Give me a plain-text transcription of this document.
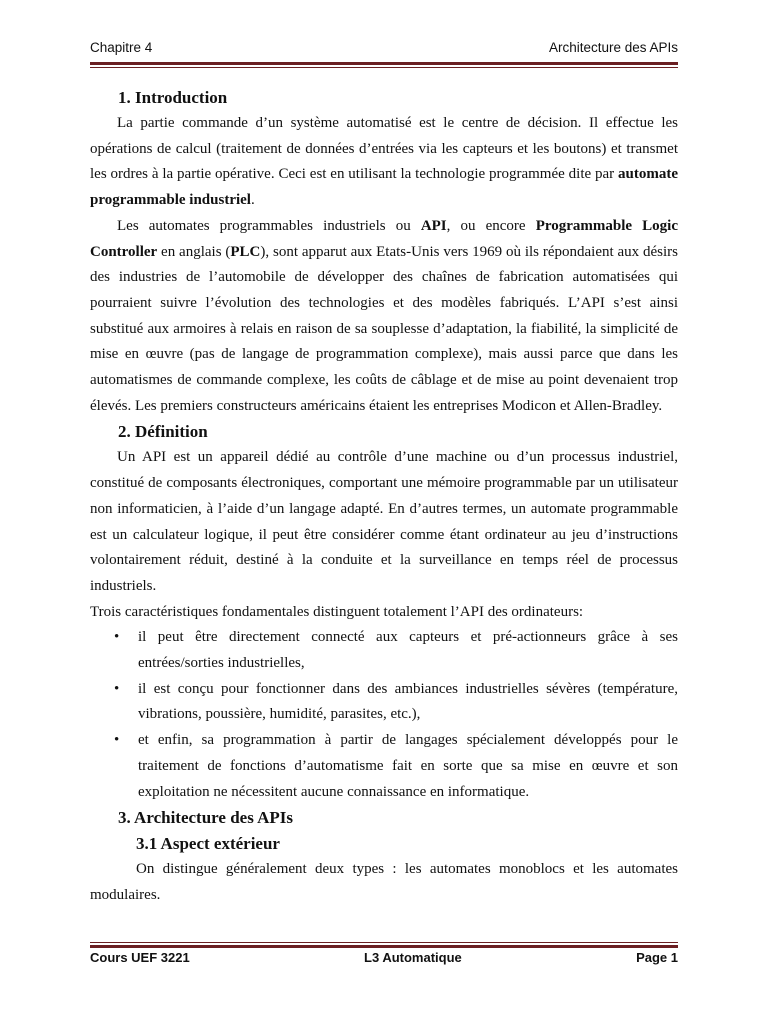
Chapitre 4	Architecture des APIs
1. Introduction

La partie commande d’un système automatisé est le centre de décision. Il effectue les opérations de calcul (traitement de données d’entrées via les capteurs et les boutons) et transmet les ordres à la partie opérative. Ceci est en utilisant la technologie programmée dite par automate programmable industriel.

Les automates programmables industriels ou API, ou encore Programmable Logic Controller en anglais (PLC), sont apparut aux Etats-Unis vers 1969 où ils répondaient aux désirs des industries de l’automobile de développer des chaînes de fabrication automatisées qui pourraient suivre l’évolution des technologies et des modèles fabriqués. L’API s’est ainsi substitué aux armoires à relais en raison de sa souplesse d’adaptation, la fiabilité, la simplicité de mise en œuvre (pas de langage de programmation complexe), mais aussi parce que dans les automatismes de commande complexe, les coûts de câblage et de mise au point devenaient trop élevés. Les premiers constructeurs américains étaient les entreprises Modicon et Allen-Bradley.

2. Définition

Un API est un appareil dédié au contrôle d’une machine ou d’un processus industriel, constitué de composants électroniques, comportant une mémoire programmable par un utilisateur non informaticien, à l’aide d’un langage adapté. En d’autres termes, un automate programmable est un calculateur logique, il peut être considérer comme étant ordinateur au jeu d’instructions volontairement réduit, destiné à la conduite et la surveillance en temps réel de processus industriels.

Trois caractéristiques fondamentales distinguent totalement l’API des ordinateurs:

• il peut être directement connecté aux capteurs et pré-actionneurs grâce à ses entrées/sorties industrielles,
• il est conçu pour fonctionner dans des ambiances industrielles sévères (température, vibrations, poussière, humidité, parasites, etc.),
• et enfin, sa programmation à partir de langages spécialement développés pour le traitement de fonctions d’automatisme fait en sorte que sa mise en œuvre et son exploitation ne nécessitent aucune connaissance en informatique.
3. Architecture des APIs
3.1 Aspect extérieur

On distingue généralement deux types : les automates monoblocs et les automates modulaires.

Cours UEF 3221	L3 Automatique	Page 1
